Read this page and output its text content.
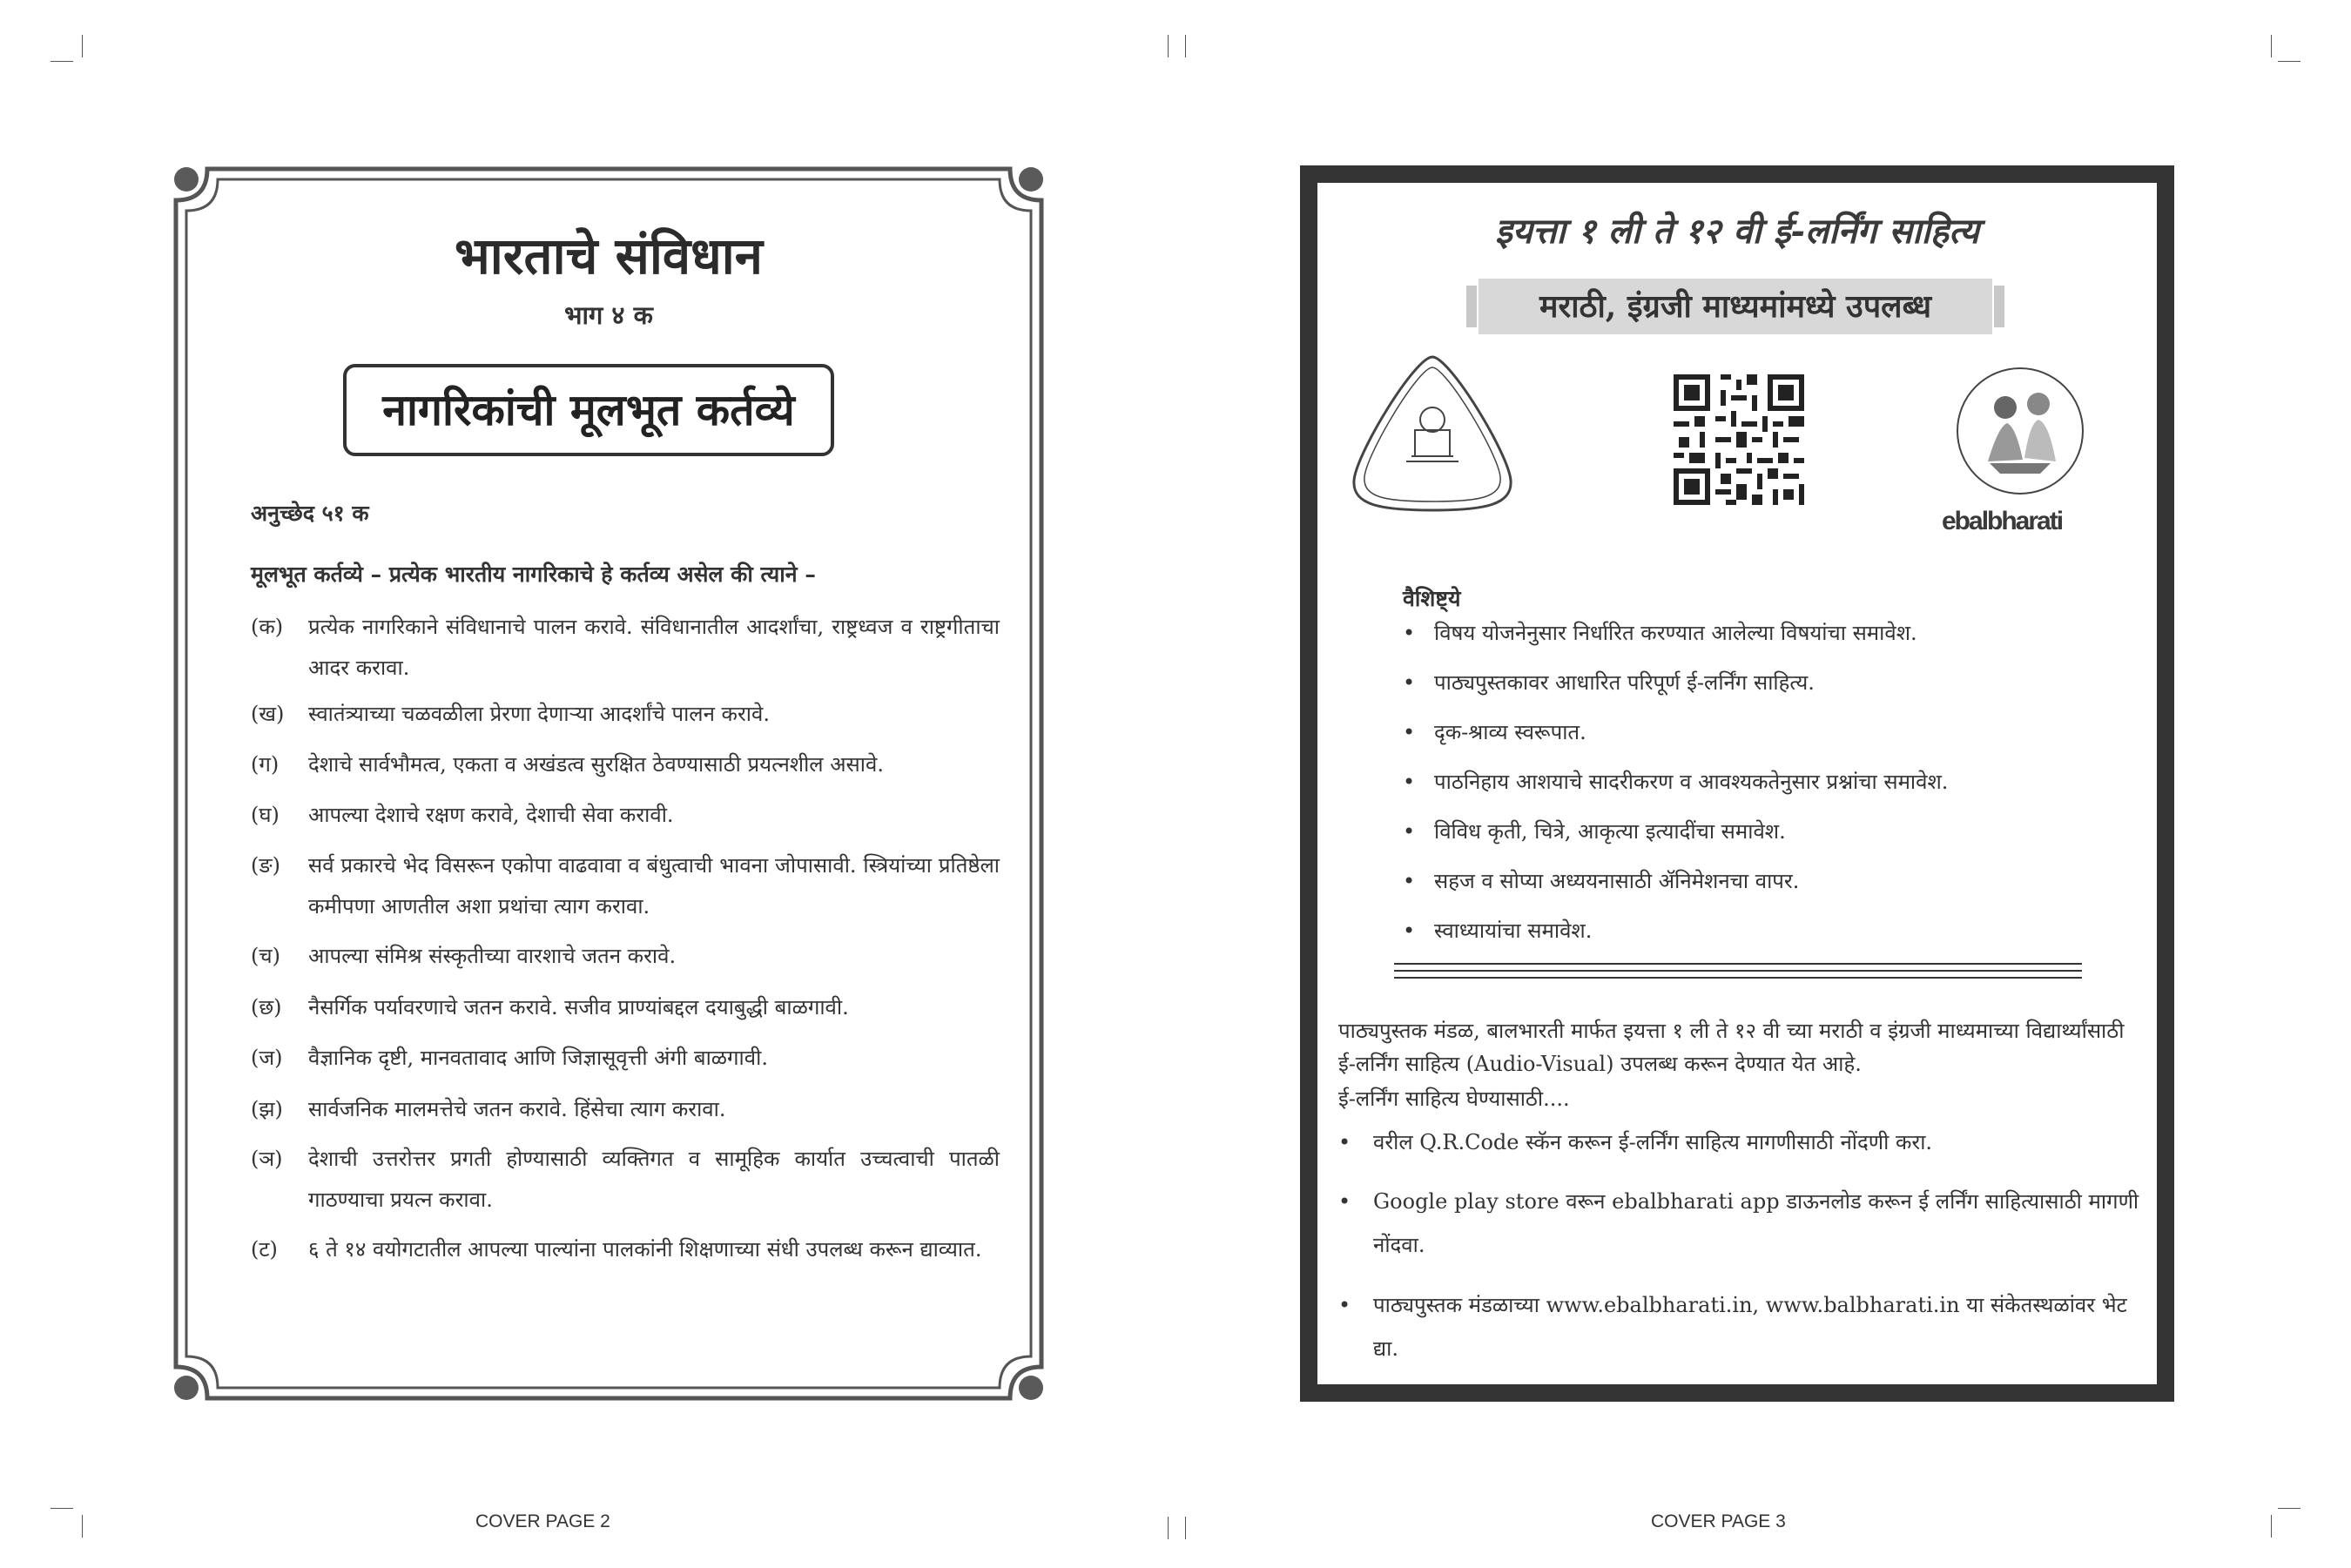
भारताचे संविधान
भाग ४ क
नागरिकांची मूलभूत कर्तव्ये
अनुच्छेद ५१ क
मूलभूत कर्तव्ये – प्रत्येक भारतीय नागरिकाचे हे कर्तव्य असेल की त्याने –
(क) प्रत्येक नागरिकाने संविधानाचे पालन करावे. संविधानातील आदर्शांचा, राष्ट्रध्वज व राष्ट्रगीताचा आदर करावा.
(ख) स्वातंत्र्याच्या चळवळीला प्रेरणा देणाऱ्या आदर्शांचे पालन करावे.
(ग) देशाचे सार्वभौमत्व, एकता व अखंडत्व सुरक्षित ठेवण्यासाठी प्रयत्नशील असावे.
(घ) आपल्या देशाचे रक्षण करावे, देशाची सेवा करावी.
(ङ) सर्व प्रकारचे भेद विसरून एकोपा वाढवावा व बंधुत्वाची भावना जोपासावी. स्त्रियांच्या प्रतिष्ठेला कमीपणा आणतील अशा प्रथांचा त्याग करावा.
(च) आपल्या संमिश्र संस्कृतीच्या वारशाचे जतन करावे.
(छ) नैसर्गिक पर्यावरणाचे जतन करावे. सजीव प्राण्यांबद्दल दयाबुद्धी बाळगावी.
(ज) वैज्ञानिक दृष्टी, मानवतावाद आणि जिज्ञासूवृत्ती अंगी बाळगावी.
(झ) सार्वजनिक मालमत्तेचे जतन करावे. हिंसेचा त्याग करावा.
(ञ) देशाची उत्तरोत्तर प्रगती होण्यासाठी व्यक्तिगत व सामूहिक कार्यात उच्चत्वाची पातळी गाठण्याचा प्रयत्न करावा.
(ट) ६ ते १४ वयोगटातील आपल्या पाल्यांना पालकांनी शिक्षणाच्या संधी उपलब्ध करून द्याव्यात.
इयत्ता १ ली ते १२ वी ई-लर्निंग साहित्य
मराठी, इंग्रजी माध्यमांमध्ये उपलब्ध
ebalbharati
वैशिष्ट्ये
• विषय योजनेनुसार निर्धारित करण्यात आलेल्या विषयांचा समावेश.
• पाठ्यपुस्तकावर आधारित परिपूर्ण ई-लर्निंग साहित्य.
• दृक-श्राव्य स्वरूपात.
• पाठनिहाय आशयाचे सादरीकरण व आवश्यकतेनुसार प्रश्नांचा समावेश.
• विविध कृती, चित्रे, आकृत्या इत्यादींचा समावेश.
• सहज व सोप्या अध्ययनासाठी ॲनिमेशनचा वापर.
• स्वाध्यायांचा समावेश.
पाठ्यपुस्तक मंडळ, बालभारती मार्फत इयत्ता १ ली ते १२ वी च्या मराठी व इंग्रजी माध्यमाच्या विद्यार्थ्यांसाठी ई-लर्निंग साहित्य (Audio-Visual) उपलब्ध करून देण्यात येत आहे.
ई-लर्निंग साहित्य घेण्यासाठी....
• वरील Q.R.Code स्कॅन करून ई-लर्निंग साहित्य मागणीसाठी नोंदणी करा.
• Google play store वरून ebalbharati app डाऊनलोड करून ई लर्निंग साहित्यासाठी मागणी नोंदवा.
• पाठ्यपुस्तक मंडळाच्या www.ebalbharati.in, www.balbharati.in या संकेतस्थळांवर भेट द्या.
COVER PAGE 2	COVER PAGE 3
